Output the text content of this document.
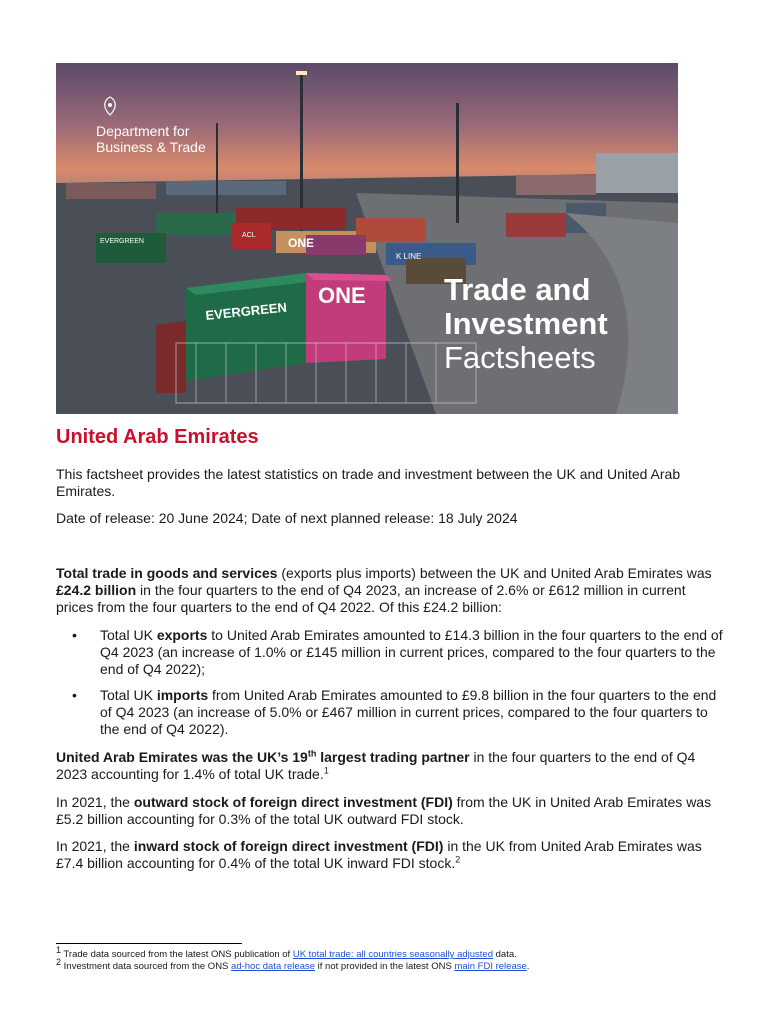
EVERGREEN
ONE
ONE
K LINE
ACL
EVERGREEN
Department for
Business & Trade
Trade and
Investment
Factsheets
United Arab Emirates

This factsheet provides the latest statistics on trade and investment between the UK and United Arab Emirates.

Date of release: 20 June 2024; Date of next planned release: 18 July 2024

Total trade in goods and services (exports plus imports) between the UK and United Arab Emirates was £24.2 billion in the four quarters to the end of Q4 2023, an increase of 2.6% or £612 million in current prices from the four quarters to the end of Q4 2022. Of this £24.2 billion:

• Total UK exports to United Arab Emirates amounted to £14.3 billion in the four quarters to the end of Q4 2023 (an increase of 1.0% or £145 million in current prices, compared to the four quarters to the end of Q4 2022);
• Total UK imports from United Arab Emirates amounted to £9.8 billion in the four quarters to the end of Q4 2023 (an increase of 5.0% or £467 million in current prices, compared to the four quarters to the end of Q4 2022).

United Arab Emirates was the UK’s 19th largest trading partner in the four quarters to the end of Q4 2023 accounting for 1.4% of total UK trade.$^1$

In 2021, the outward stock of foreign direct investment (FDI) from the UK in United Arab Emirates was £5.2 billion accounting for 0.3% of the total UK outward FDI stock.

In 2021, the inward stock of foreign direct investment (FDI) in the UK from United Arab Emirates was £7.4 billion accounting for 0.4% of the total UK inward FDI stock.$^2$

$^1$ Trade data sourced from the latest ONS publication of UK total trade: all countries seasonally adjusted data.
$^2$ Investment data sourced from the ONS ad-hoc data release if not provided in the latest ONS main FDI release.
